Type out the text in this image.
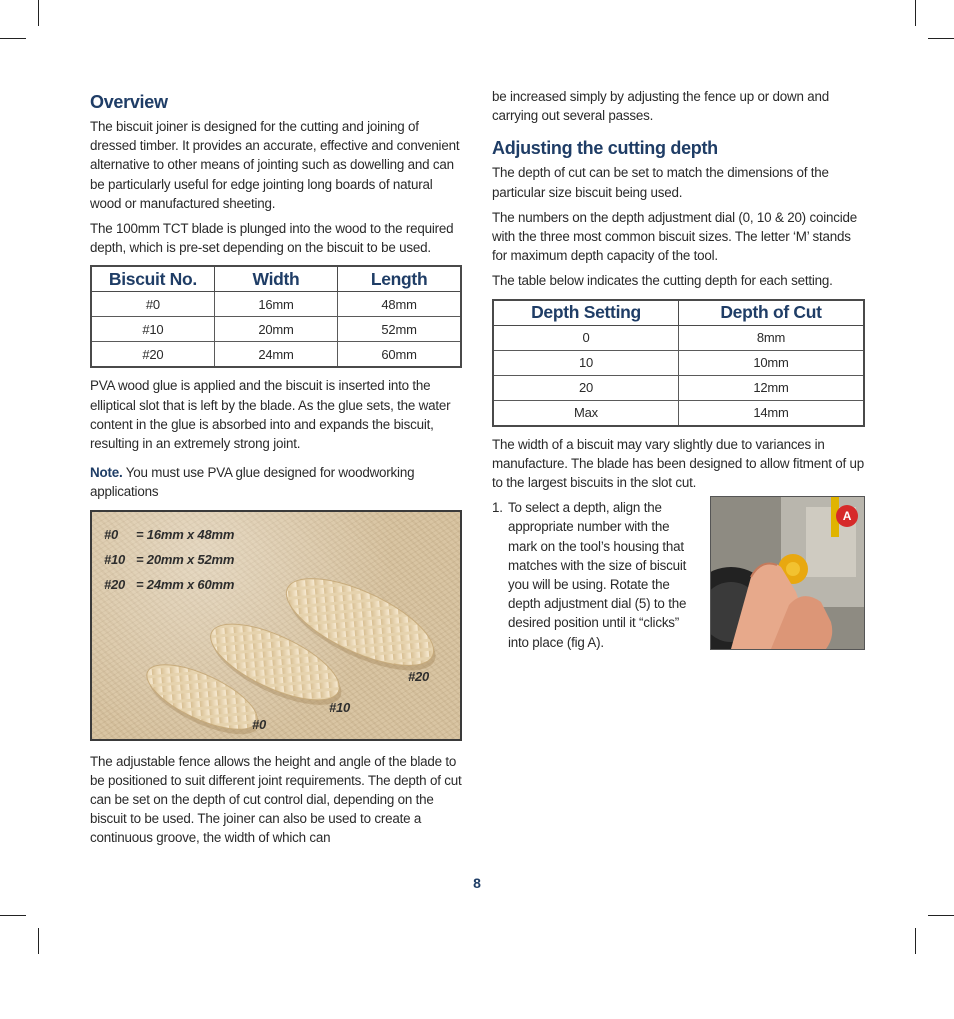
Overview

The biscuit joiner is designed for the cutting and joining of dressed timber. It provides an accurate, effective and convenient alternative to other means of jointing such as dowelling and can be particularly useful for edge jointing long boards of natural wood or manufactured sheeting.

The 100mm TCT blade is plunged into the wood to the required depth, which is pre-set depending on the biscuit to be used.

Biscuit No.	Width	Length
#0	16mm	48mm
#10	20mm	52mm
#20	24mm	60mm

PVA wood glue is applied and the biscuit is inserted into the elliptical slot that is left by the blade. As the glue sets, the water content in the glue is absorbed into and expands the biscuit, resulting in an extremely strong joint.

Note. You must use PVA glue designed for woodworking applications

#0 = 16mm x 48mm
#10 = 20mm x 52mm
#20 = 24mm x 60mm
#0
#10
#20

The adjustable fence allows the height and angle of the blade to be positioned to suit different joint requirements. The depth of cut can be set on the depth of cut control dial, depending on the biscuit to be used. The joiner can also be used to create a continuous groove, the width of which can

be increased simply by adjusting the fence up or down and carrying out several passes.

Adjusting the cutting depth

The depth of cut can be set to match the dimensions of the particular size biscuit being used.

The numbers on the depth adjustment dial (0, 10 & 20) coincide with the three most common biscuit sizes. The letter ‘M’ stands for maximum depth capacity of the tool.

The table below indicates the cutting depth for each setting.

Depth Setting	Depth of Cut
0	8mm
10	10mm
20	12mm
Max	14mm

The width of a biscuit may vary slightly due to variances in manufacture. The blade has been designed to allow fitment of up to the largest biscuits in the slot cut.

1. To select a depth, align the appropriate number with the mark on the tool’s housing that matches with the size of biscuit you will be using. Rotate the depth adjustment dial (5) to the desired position until it “clicks” into place (fig A).
A
8
